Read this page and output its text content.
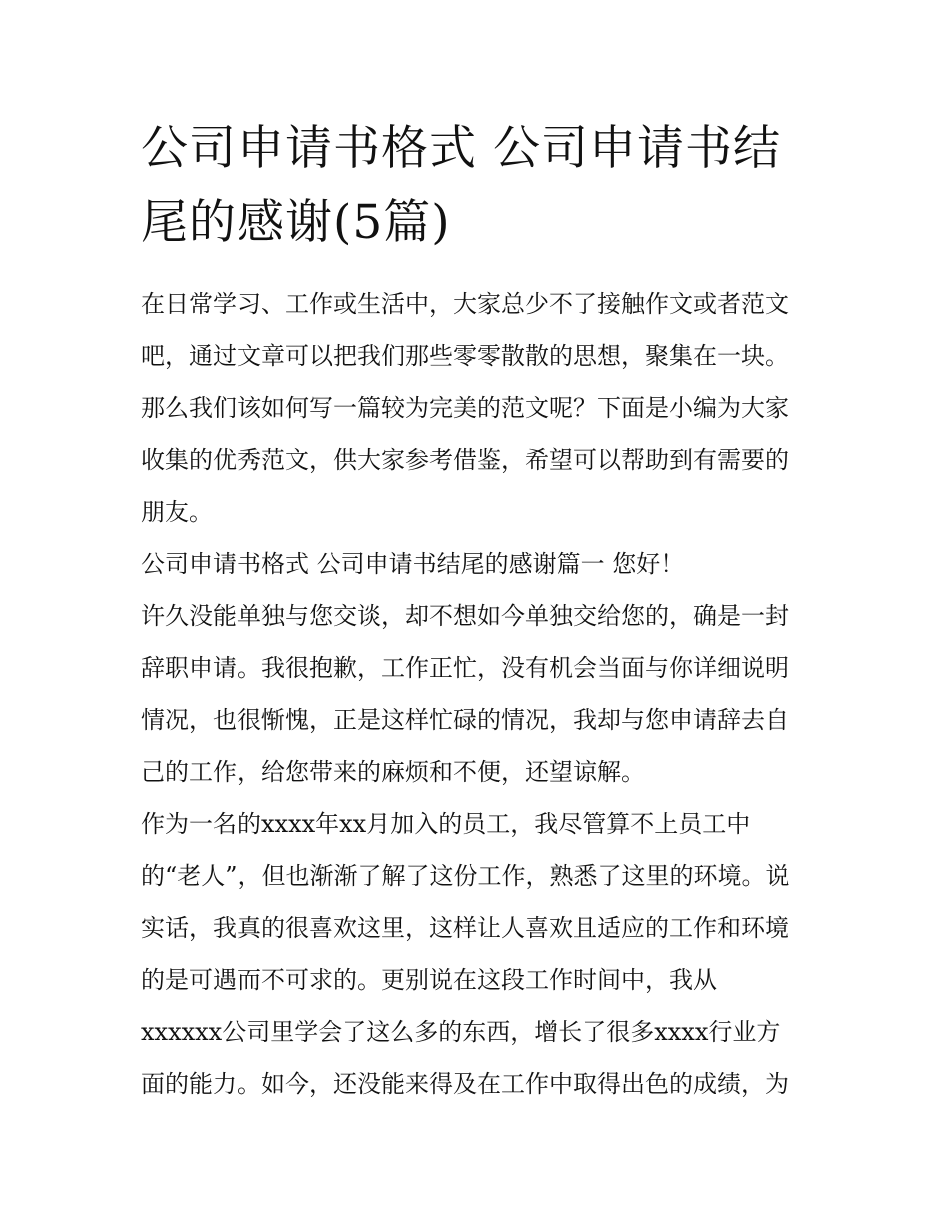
公司申请书格式 公司申请书结
尾的感谢(5篇)

在日常学习、工作或生活中，大家总少不了接触作文或者范文
吧，通过文章可以把我们那些零零散散的思想，聚集在一块。
那么我们该如何写一篇较为完美的范文呢？下面是小编为大家
收集的优秀范文，供大家参考借鉴，希望可以帮助到有需要的
朋友。

公司申请书格式 公司申请书结尾的感谢篇一 您好！

许久没能单独与您交谈，却不想如今单独交给您的，确是一封
辞职申请。我很抱歉，工作正忙，没有机会当面与你详细说明
情况，也很惭愧，正是这样忙碌的情况，我却与您申请辞去自
己的工作，给您带来的麻烦和不便，还望谅解。

作为一名的xxxx年xx月加入的员工，我尽管算不上员工中
的“老人”，但也渐渐了解了这份工作，熟悉了这里的环境。说
实话，我真的很喜欢这里，这样让人喜欢且适应的工作和环境
的是可遇而不可求的。更别说在这段工作时间中，我从
xxxxxx公司里学会了这么多的东西，增长了很多xxxx行业方
面的能力。如今，还没能来得及在工作中取得出色的成绩，为
